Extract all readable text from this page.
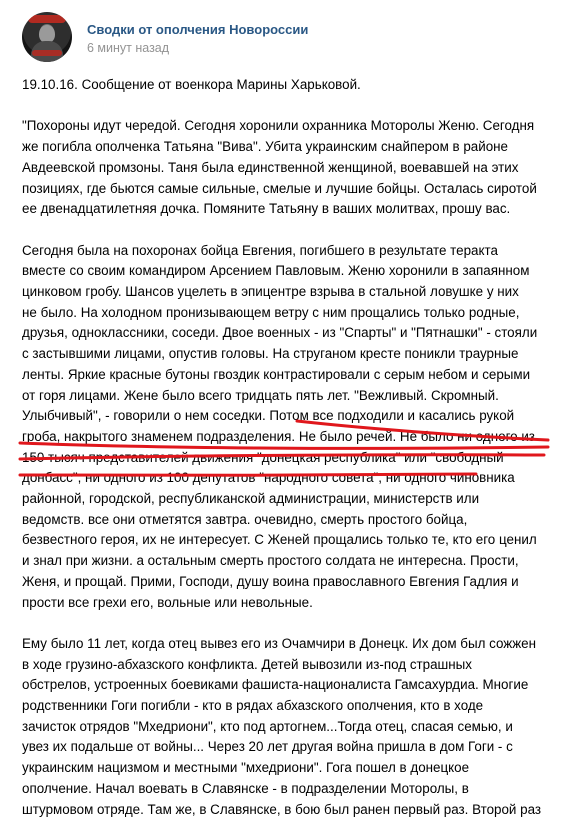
Сводки от ополчения Новороссии
6 минут назад

19.10.16. Сообщение от военкора Марины Харьковой.

"Похороны идут чередой. Сегодня хоронили охранника Моторолы Женю. Сегодня

же погибла ополченка Татьяна "Вива". Убита украинским снайпером в районе

Авдеевской промзоны. Таня была единственной женщиной, воевавшей на этих

позициях, где бьются самые сильные, смелые и лучшие бойцы. Осталась сиротой

ее двенадцатилетняя дочка. Помяните Татьяну в ваших молитвах, прошу вас.

Сегодня была на похоронах бойца Евгения, погибшего в результате теракта

вместе со своим командиром Арсением Павловым. Женю хоронили в запаянном

цинковом гробу. Шансов уцелеть в эпицентре взрыва в стальной ловушке у них

не было. На холодном пронизывающем ветру с ним прощались только родные,

друзья, одноклассники, соседи. Двое военных - из "Спарты" и "Пятнашки" - стояли

с застывшими лицами, опустив головы. На струганом кресте поникли траурные

ленты. Яркие красные бутоны гвоздик контрастировали с серым небом и серыми

от горя лицами. Жене было всего тридцать пять лет. "Вежливый. Скромный.

Улыбчивый", - говорили о нем соседки. Потом все подходили и касались рукой

гроба, накрытого знаменем подразделения. Не было речей. Не было ни одного из

150 тысяч представителей движения "донецкая республика" или "свободный

донбасс", ни одного из 100 депутатов "народного совета", ни одного чиновника

районной, городской, республиканской администрации, министерств или

ведомств. все они отметятся завтра. очевидно, смерть простого бойца,

безвестного героя, их не интересует. С Женей прощались только те, кто его ценил

и знал при жизни. а остальным смерть простого солдата не интересна. Прости,

Женя, и прощай. Прими, Господи, душу воина православного Евгения Гадлия и

прости все грехи его, вольные или невольные.

Ему было 11 лет, когда отец вывез его из Очамчири в Донецк. Их дом был сожжен

в ходе грузино-абхазского конфликта. Детей вывозили из-под страшных

обстрелов, устроенных боевиками фашиста-националиста Гамсахурдиа. Многие

родственники Гоги погибли - кто в рядах абхазского ополчения, кто в ходе

зачисток отрядов "Мхедриони", кто под артогнем...Тогда отец, спасая семью, и

увез их подальше от войны... Через 20 лет другая война пришла в дом Гоги - с

украинским нацизмом и местными "мхедриони". Гога пошел в донецкое

ополчение. Начал воевать в Славянске - в подразделении Моторолы, в

штурмовом отряде. Там же, в Славянске, в бою был ранен первый раз. Второй раз
